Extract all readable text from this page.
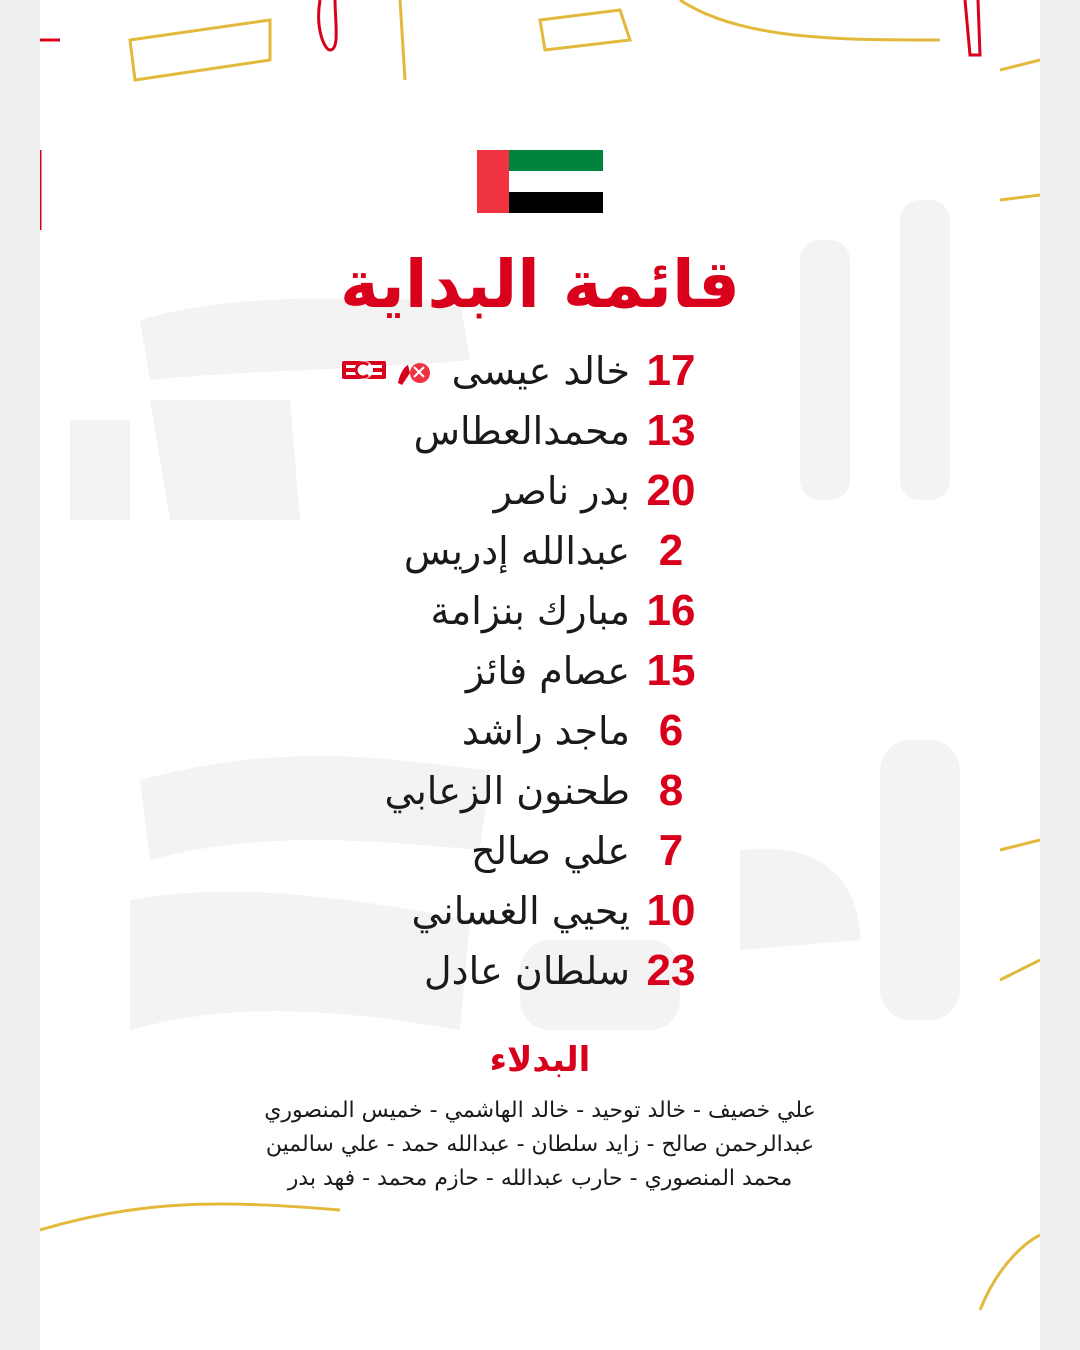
قائمة البداية
17
خالد عيسى
13
محمدالعطاس
20
بدر ناصر
2
عبدالله إدريس
16
مبارك بنزامة
15
عصام فائز
6
ماجد راشد
8
طحنون الزعابي
7
علي صالح
10
يحيي الغساني
23
سلطان عادل
البدلاء
علي خصيف - خالد توحيد - خالد الهاشمي - خميس المنصوري
عبدالرحمن صالح - زايد سلطان - عبدالله حمد - علي سالمين
محمد المنصوري - حارب عبدالله - حازم محمد - فهد بدر
